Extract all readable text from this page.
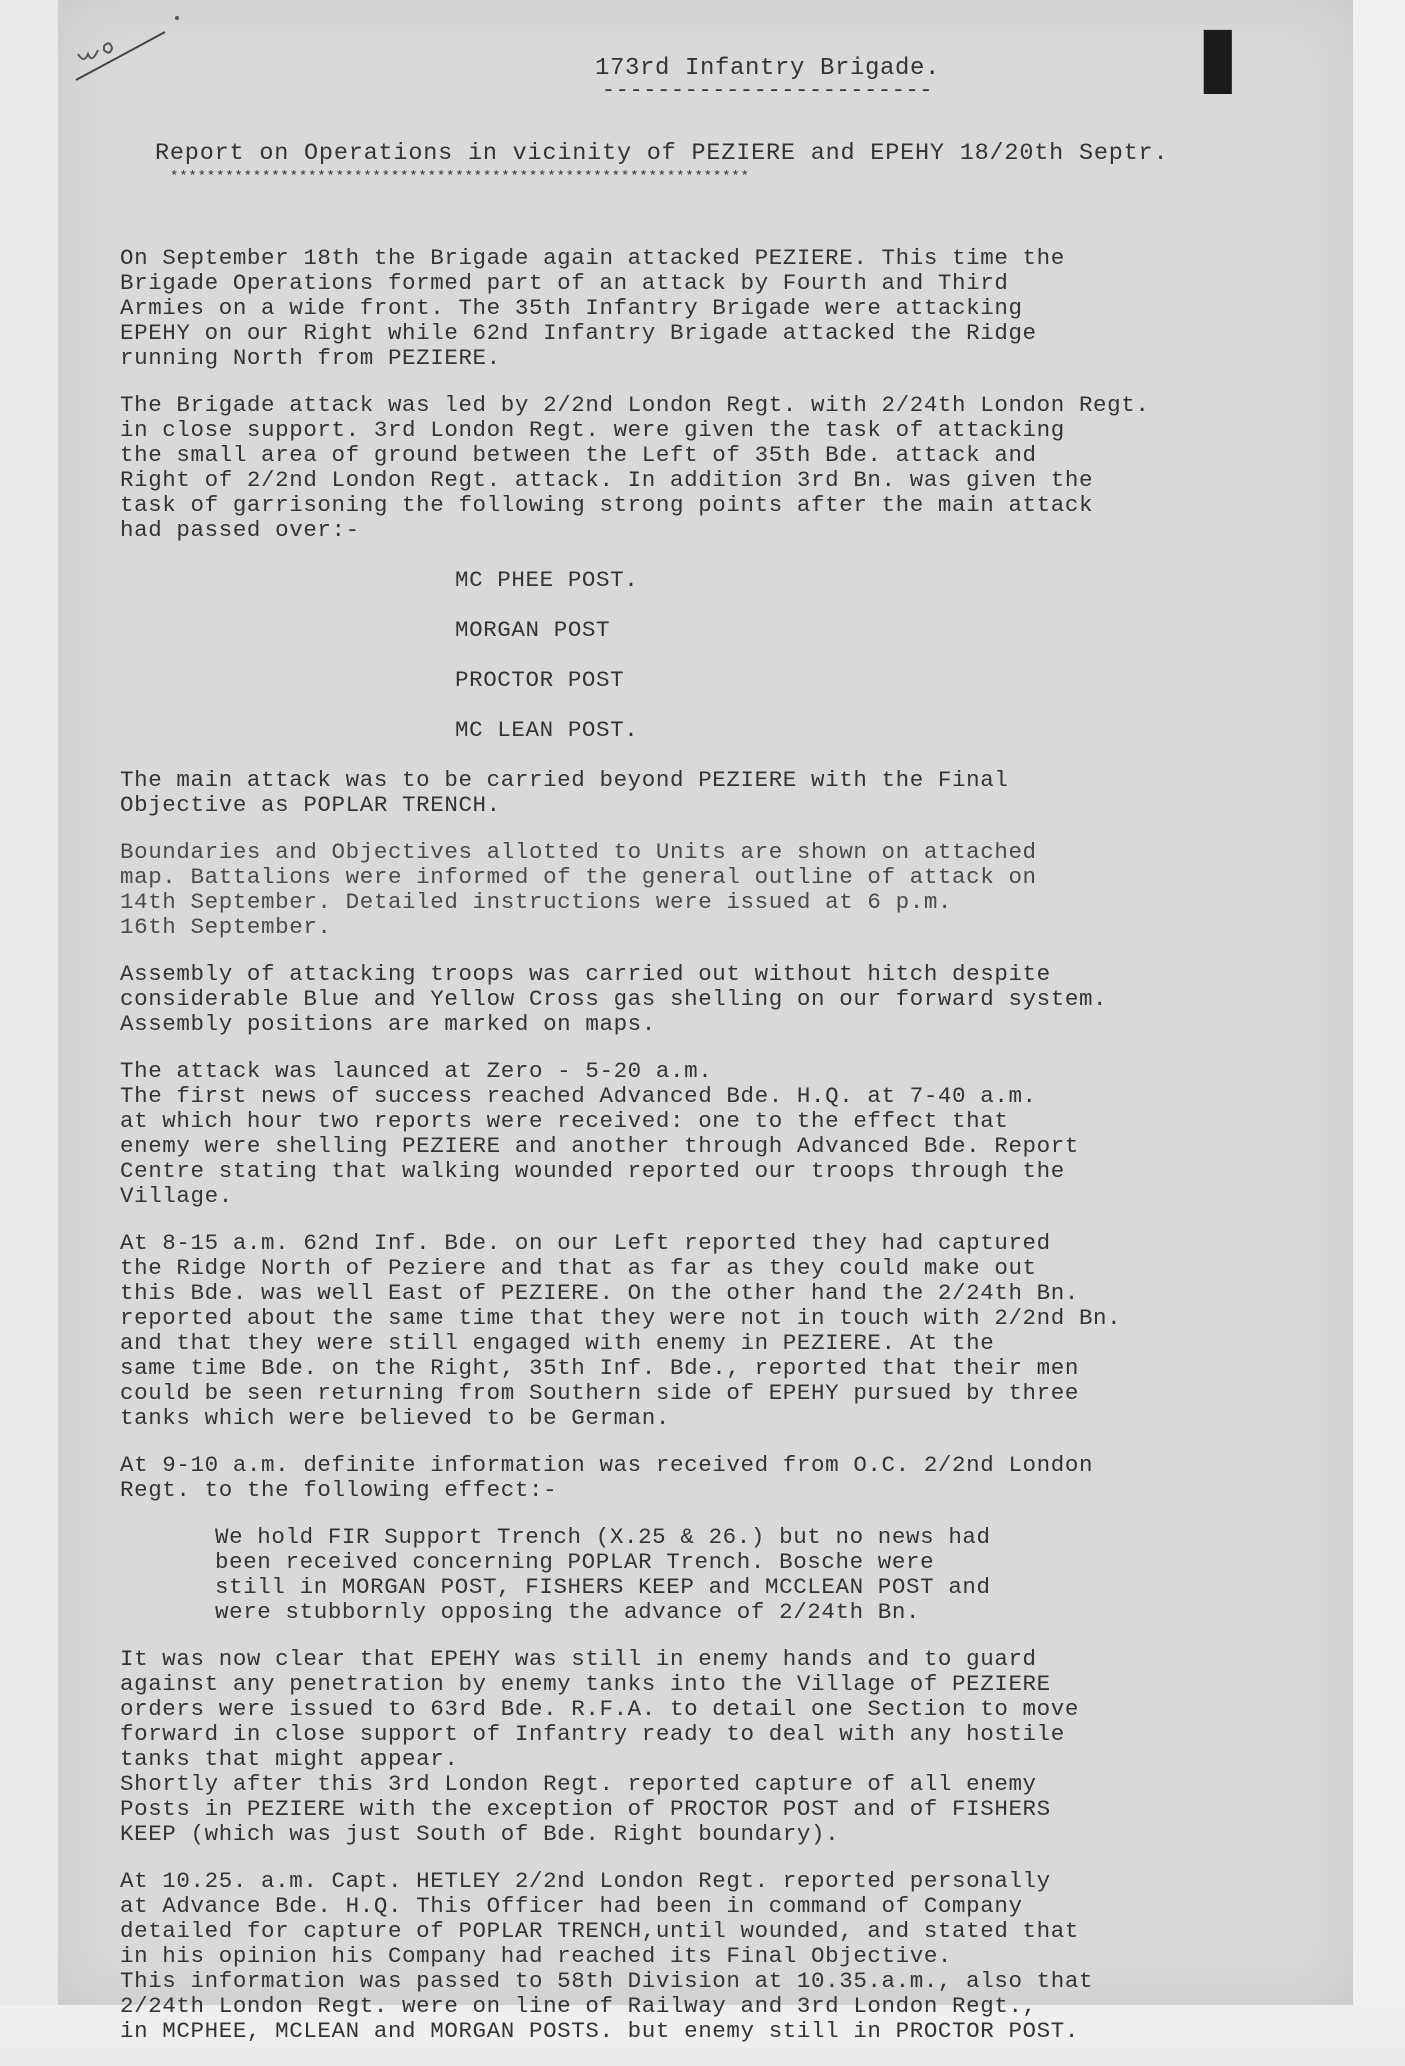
I
173rd Infantry Brigade.
------------------------
Report on Operations in vicinity of PEZIERE and EPEHY 18/20th Septr.
***************************************************************
On September 18th the Brigade again attacked PEZIERE. This time the
Brigade Operations formed part of an attack by Fourth and Third
Armies on a wide front. The 35th Infantry Brigade were attacking
EPEHY on our Right while 62nd Infantry Brigade attacked the Ridge
running North from PEZIERE.
The Brigade attack was led by 2/2nd London Regt. with 2/24th London Regt.
in close support. 3rd London Regt. were given the task of attacking
the small area of ground between the Left of 35th Bde. attack and
Right of 2/2nd London Regt. attack. In addition 3rd Bn. was given the
task of garrisoning the following strong points after the main attack
had passed over:-

MC PHEE POST.

MORGAN POST

PROCTOR POST

MC LEAN POST.

The main attack was to be carried beyond PEZIERE with the Final
Objective as POPLAR TRENCH.
Boundaries and Objectives allotted to Units are shown on attached
map. Battalions were informed of the general outline of attack on
14th September. Detailed instructions were issued at 6 p.m.
16th September.
Assembly of attacking troops was carried out without hitch despite
considerable Blue and Yellow Cross gas shelling on our forward system.
Assembly positions are marked on maps.
The attack was launced at Zero - 5-20 a.m.
The first news of success reached Advanced Bde. H.Q. at 7-40 a.m.
at which hour two reports were received: one to the effect that
enemy were shelling PEZIERE and another through Advanced Bde. Report
Centre stating that walking wounded reported our troops through the
Village.
At 8-15 a.m. 62nd Inf. Bde. on our Left reported they had captured
the Ridge North of Peziere and that as far as they could make out
this Bde. was well East of PEZIERE. On the other hand the 2/24th Bn.
reported about the same time that they were not in touch with 2/2nd Bn.
and that they were still engaged with enemy in PEZIERE. At the
same time Bde. on the Right, 35th Inf. Bde., reported that their men
could be seen returning from Southern side of EPEHY pursued by three
tanks which were believed to be German.
At 9-10 a.m. definite information was received from O.C. 2/2nd London
Regt. to the following effect:-
We hold FIR Support Trench (X.25 & 26.) but no news had
been received concerning POPLAR Trench. Bosche were
still in MORGAN POST, FISHERS KEEP and MCCLEAN POST and
were stubbornly opposing the advance of 2/24th Bn.
It was now clear that EPEHY was still in enemy hands and to guard
against any penetration by enemy tanks into the Village of PEZIERE
orders were issued to 63rd Bde. R.F.A. to detail one Section to move
forward in close support of Infantry ready to deal with any hostile
tanks that might appear.
Shortly after this 3rd London Regt. reported capture of all enemy
Posts in PEZIERE with the exception of PROCTOR POST and of FISHERS
KEEP (which was just South of Bde. Right boundary).
At 10.25. a.m. Capt. HETLEY 2/2nd London Regt. reported personally
at Advance Bde. H.Q. This Officer had been in command of Company
detailed for capture of POPLAR TRENCH,until wounded, and stated that
in his opinion his Company had reached its Final Objective.
This information was passed to 58th Division at 10.35.a.m., also that
2/24th London Regt. were on line of Railway and 3rd London Regt.,
in MCPHEE, MCLEAN and MORGAN POSTS. but enemy still in PROCTOR POST.
